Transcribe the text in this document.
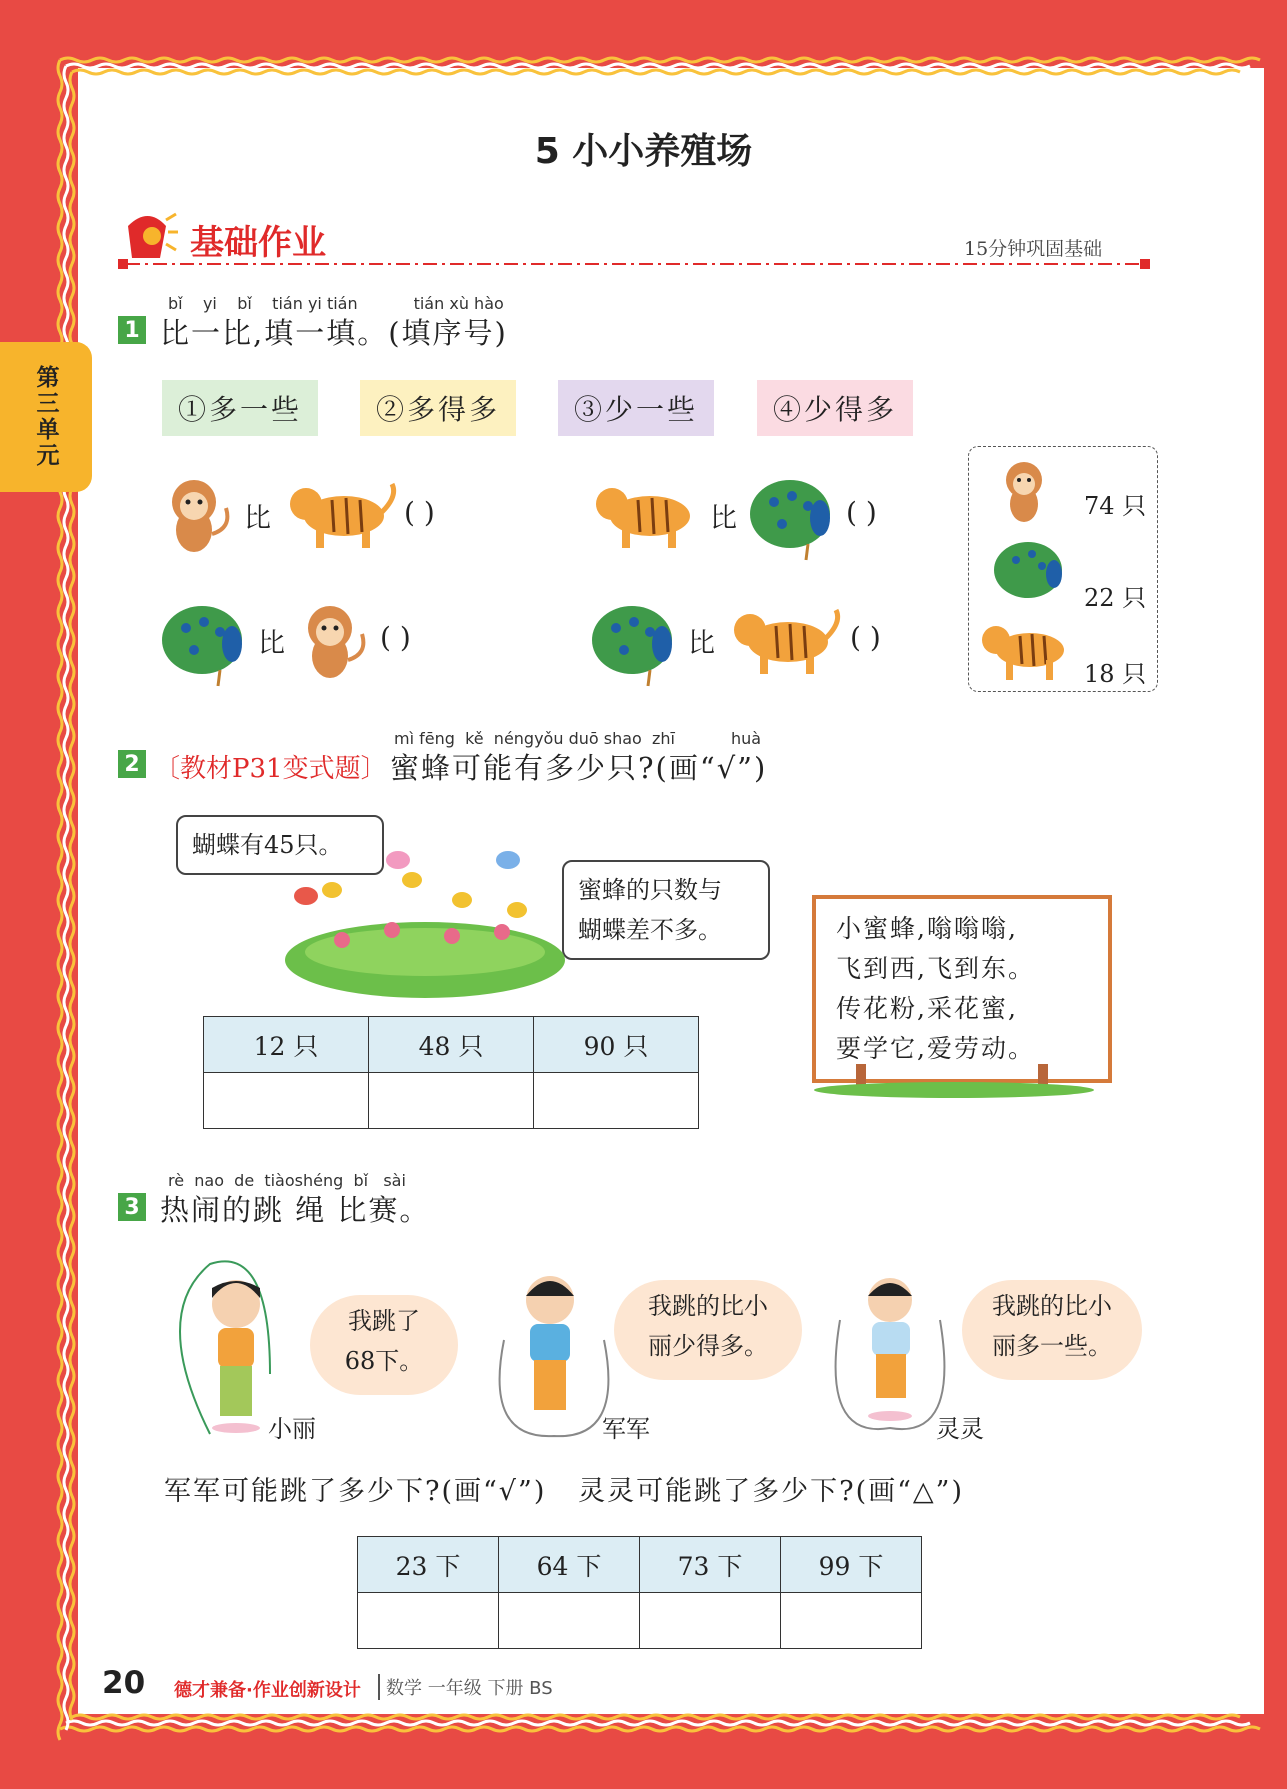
5 小小养殖场
第三单元
基础作业	15分钟巩固基础
bǐ yi bǐ tián yi tián	tián xù hào
1 比一比,填一填。(填序号)
①多一些	②多得多	③少一些	④少得多
比	( )	比	( )
比	( )	比	( )
74 只
22 只
18 只
mì fēng kě néngyǒu duō shao zhī	huà
2 〔教材P31变式题〕 蜜蜂可能有多少只?(画“√”)
蝴蝶有45只。
蜜蜂的只数与
蝴蝶差不多。
12 只	48 只	90 只

小蜜蜂,嗡嗡嗡,
飞到西,飞到东。
传花粉,采花蜜,
要学它,爱劳动。
rè nao de tiàoshéng bǐ sài
3 热闹的跳 绳 比赛。
小丽
我跳了
68下。
军军
我跳的比小
丽少得多。
灵灵
我跳的比小
丽多一些。
军军可能跳了多少下?(画“√”)   灵灵可能跳了多少下?(画“△”)
23 下	64 下	73 下	99 下

20 德才兼备·作业创新设计	数学 一年级 下册 BS
